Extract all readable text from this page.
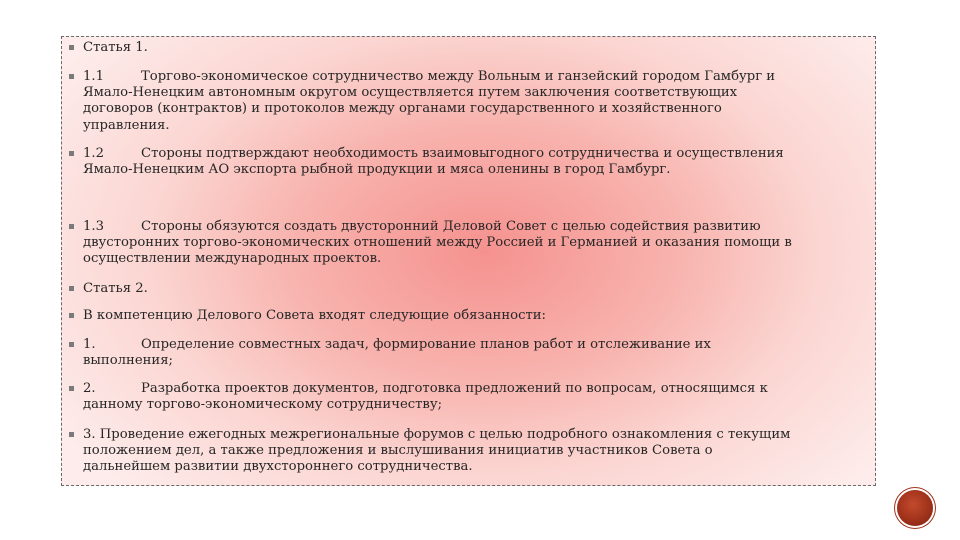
Статья 1.
1.1	Торгово-экономическое сотрудничество между Вольным и ганзейский городом Гамбург и
Ямало-Ненецким автономным округом осуществляется путем заключения соответствующих
договоров (контрактов) и протоколов между органами государственного и хозяйственного
управления.
1.2	Стороны подтверждают необходимость взаимовыгодного сотрудничества и осуществления
Ямало-Ненецким АО экспорта рыбной продукции и мяса оленины в город Гамбург.
1.3	Стороны обязуются создать двусторонний Деловой Совет с целью содействия развитию
двусторонних торгово-экономических отношений между Россией и Германией и оказания помощи в
осуществлении международных проектов.
Статья 2.
В компетенцию Делового Совета входят следующие обязанности:
1.	Определение совместных задач, формирование планов работ и отслеживание их
выполнения;
2.	Разработка проектов документов, подготовка предложений по вопросам, относящимся к
данному торгово-экономическому сотрудничеству;
3. Проведение ежегодных межрегиональные форумов с целью подробного ознакомления с текущим
положением дел, а также предложения и выслушивания инициатив участников Совета о
дальнейшем развитии двухстороннего сотрудничества.
